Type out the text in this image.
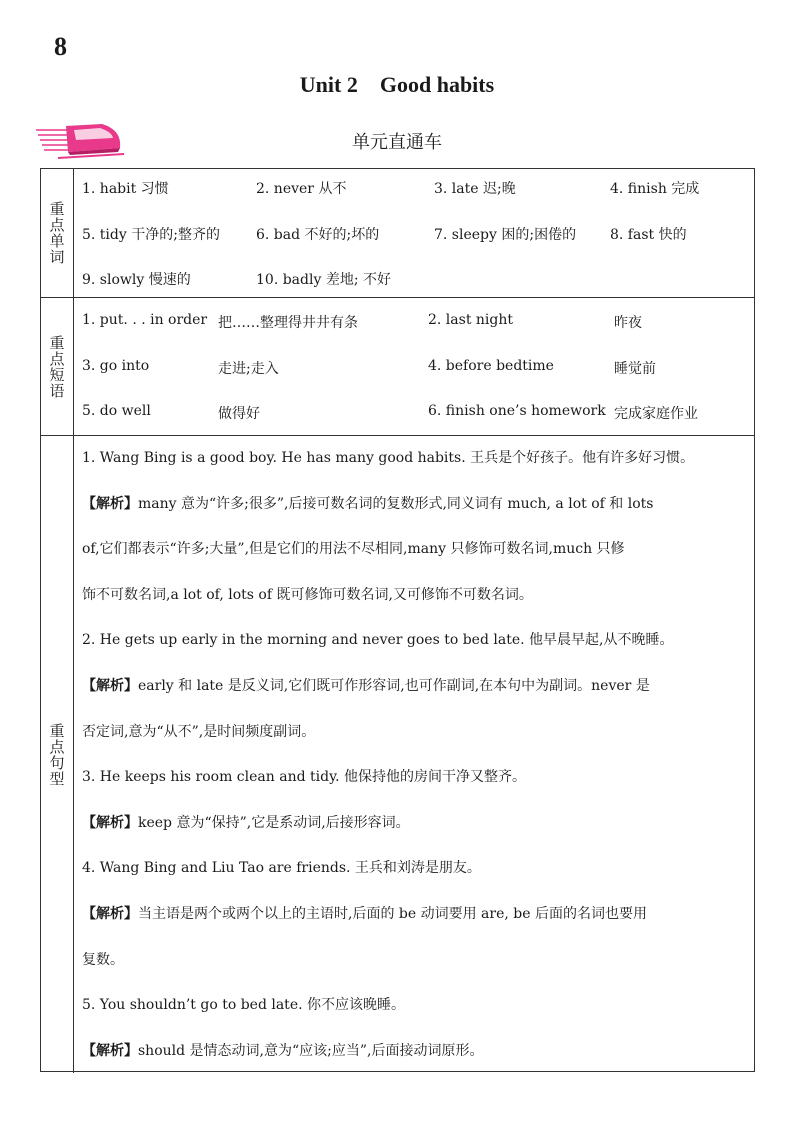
8
Unit 2    Good habits
单元直通车
重点单词
1. habit 习惯	2. never 从不	3. late 迟;晚	4. finish 完成
5. tidy 干净的;整齐的	6. bad 不好的;坏的	7. sleepy 困的;困倦的 8. fast 快的
9. slowly 慢速的	10. badly 差地; 不好
重点短语
1. put. . . in order 把……整理得井井有条	2. last night	昨夜
3. go into	走进;走入	4. before bedtime	睡觉前
5. do well	做得好	6. finish one’s homework 完成家庭作业
重点句型
1. Wang Bing is a good boy. He has many good habits. 王兵是个好孩子。他有许多好习惯。
【解析】many 意为“许多;很多”,后接可数名词的复数形式,同义词有 much, a lot of 和 lots
of,它们都表示“许多;大量”,但是它们的用法不尽相同,many 只修饰可数名词,much 只修
饰不可数名词,a lot of, lots of 既可修饰可数名词,又可修饰不可数名词。
2. He gets up early in the morning and never goes to bed late. 他早晨早起,从不晚睡。
【解析】early 和 late 是反义词,它们既可作形容词,也可作副词,在本句中为副词。never 是
否定词,意为“从不”,是时间频度副词。
3. He keeps his room clean and tidy. 他保持他的房间干净又整齐。
【解析】keep 意为“保持”,它是系动词,后接形容词。
4. Wang Bing and Liu Tao are friends. 王兵和刘涛是朋友。
【解析】当主语是两个或两个以上的主语时,后面的 be 动词要用 are, be 后面的名词也要用
复数。
5. You shouldn’t go to bed late. 你不应该晚睡。
【解析】should 是情态动词,意为“应该;应当”,后面接动词原形。
